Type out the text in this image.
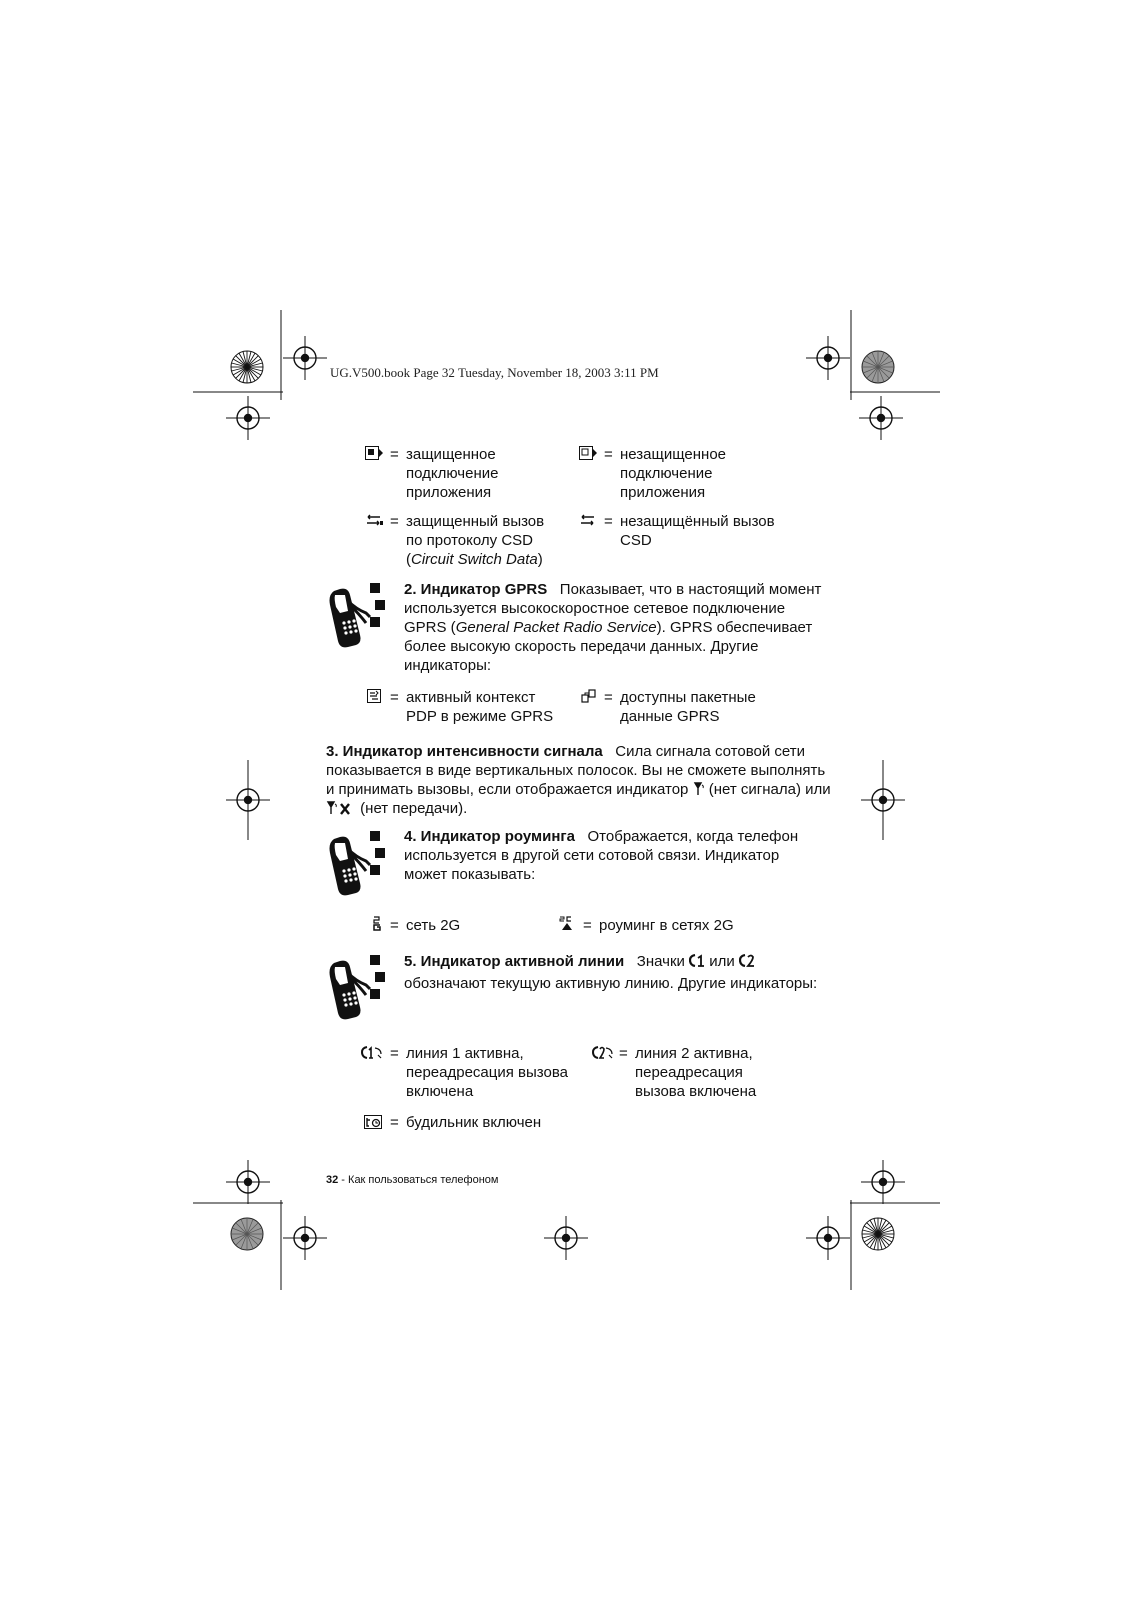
UG.V500.book Page 32 Tuesday, November 18, 2003 3:11 PM
= защищенное
подключение
приложения
= незащищенное
подключение
приложения
= защищенный вызов
по протоколу CSD
(Circuit Switch Data)
= незащищённый вызов
CSD
2. Индикатор GPRS Показывает, что в настоящий момент
используется высокоскоростное сетевое подключение
GPRS (General Packet Radio Service). GPRS обеспечивает
более высокую скорость передачи данных. Другие
индикаторы:
= активный контекст
PDP в режиме GPRS
= доступны пакетные
данные GPRS
3. Индикатор интенсивности сигнала Сила сигнала сотовой сети
показывается в виде вертикальных полосок. Вы не сможете выполнять
и принимать вызовы, если отображается индикатор (нет сигнала) или
(нет передачи).
4. Индикатор роуминга Отображается, когда телефон
используется в другой сети сотовой связи. Индикатор
может показывать:
= сеть 2G	= роуминг в сетях 2G
5. Индикатор активной линии Значки или
обозначают текущую активную линию. Другие индикаторы:
= линия 1 активна,
переадресация вызова
включена
= линия 2 активна,
переадресация
вызова включена
= будильник включен
32 - Как пользоваться телефоном
